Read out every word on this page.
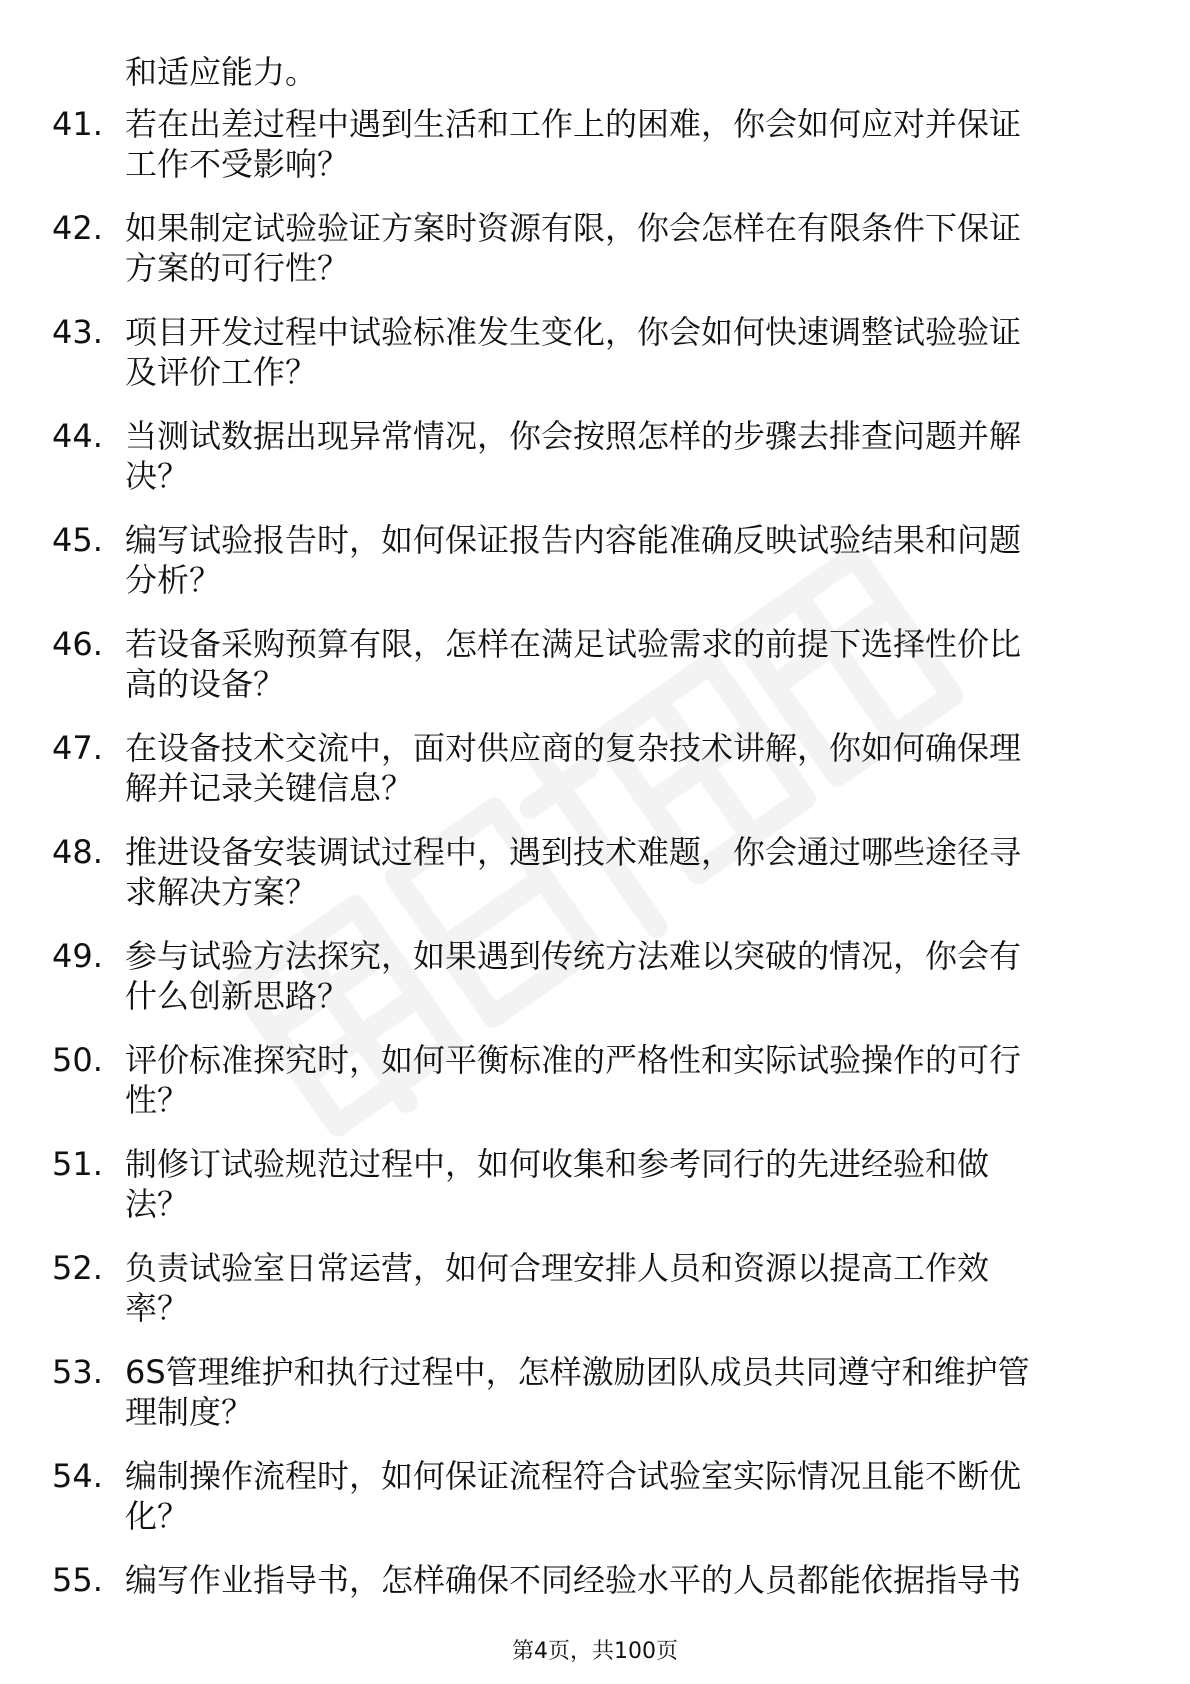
和适应能力。
41. 若在出差过程中遇到生活和工作上的困难，你会如何应对并保证
工作不受影响？
42. 如果制定试验验证方案时资源有限，你会怎样在有限条件下保证
方案的可行性？
43. 项目开发过程中试验标准发生变化，你会如何快速调整试验验证
及评价工作？
44. 当测试数据出现异常情况，你会按照怎样的步骤去排查问题并解
决？
45. 编写试验报告时，如何保证报告内容能准确反映试验结果和问题
分析？
46. 若设备采购预算有限，怎样在满足试验需求的前提下选择性价比
高的设备？
47. 在设备技术交流中，面对供应商的复杂技术讲解，你如何确保理
解并记录关键信息？
48. 推进设备安装调试过程中，遇到技术难题，你会通过哪些途径寻
求解决方案？
49. 参与试验方法探究，如果遇到传统方法难以突破的情况，你会有
什么创新思路？
50. 评价标准探究时，如何平衡标准的严格性和实际试验操作的可行
性？
51. 制修订试验规范过程中，如何收集和参考同行的先进经验和做
法？
52. 负责试验室日常运营，如何合理安排人员和资源以提高工作效
率？
53. 6S管理维护和执行过程中，怎样激励团队成员共同遵守和维护管
理制度？
54. 编制操作流程时，如何保证流程符合试验室实际情况且能不断优
化？
55. 编写作业指导书，怎样确保不同经验水平的人员都能依据指导书
第4页，共100页
